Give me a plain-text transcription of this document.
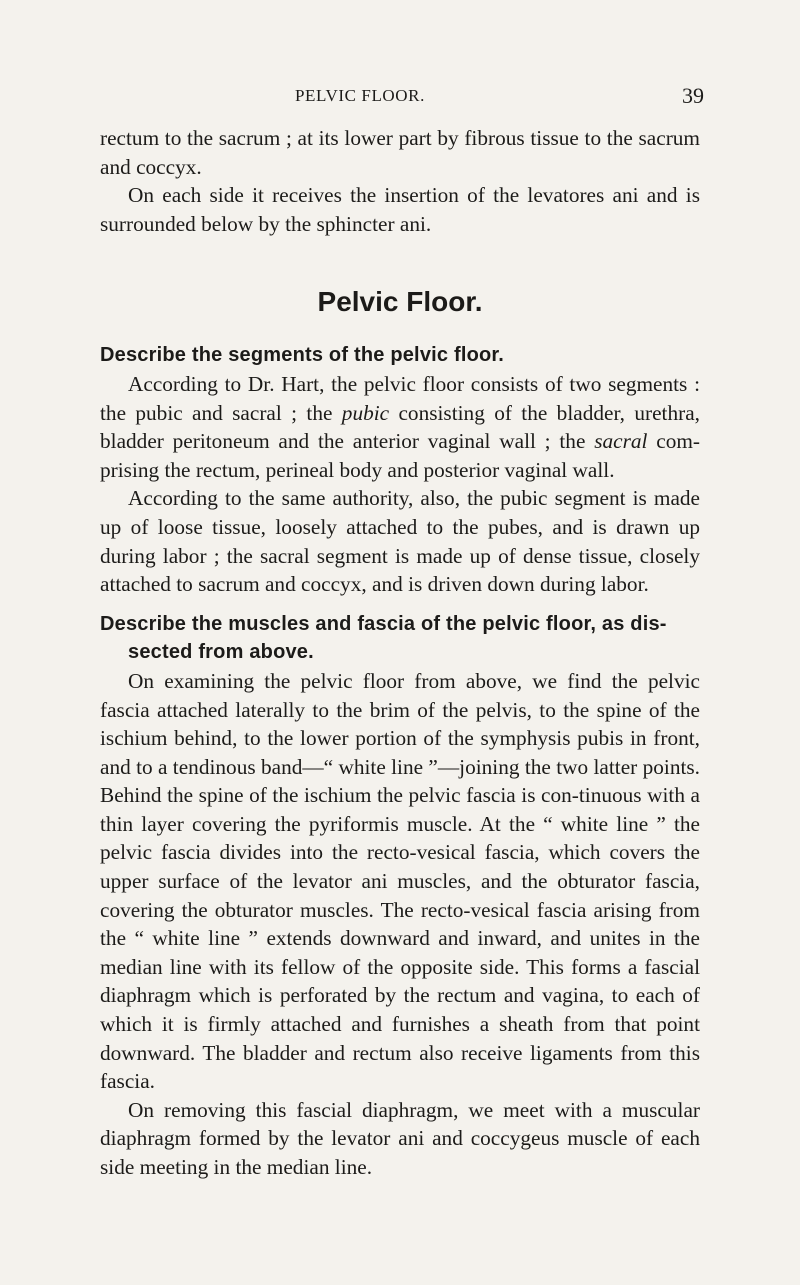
PELVIC FLOOR.	39

rectum to the sacrum ; at its lower part by fibrous tissue to the sacrum and coccyx.

On each side it receives the insertion of the levatores ani and is surrounded below by the sphincter ani.

Pelvic Floor.
Describe the segments of the pelvic floor.

According to Dr. Hart, the pelvic floor consists of two segments : the pubic and sacral ; the pubic consisting of the bladder, urethra, bladder peritoneum and the anterior vaginal wall ; the sacral com-prising the rectum, perineal body and posterior vaginal wall.

According to the same authority, also, the pubic segment is made up of loose tissue, loosely attached to the pubes, and is drawn up during labor ; the sacral segment is made up of dense tissue, closely attached to sacrum and coccyx, and is driven down during labor.

Describe the muscles and fascia of the pelvic floor, as dis-sected from above.

On examining the pelvic floor from above, we find the pelvic fascia attached laterally to the brim of the pelvis, to the spine of the ischium behind, to the lower portion of the symphysis pubis in front, and to a tendinous band—“ white line ”—joining the two latter points. Behind the spine of the ischium the pelvic fascia is con-tinuous with a thin layer covering the pyriformis muscle. At the “ white line ” the pelvic fascia divides into the recto-vesical fascia, which covers the upper surface of the levator ani muscles, and the obturator fascia, covering the obturator muscles. The recto-vesical fascia arising from the “ white line ” extends downward and inward, and unites in the median line with its fellow of the opposite side. This forms a fascial diaphragm which is perforated by the rectum and vagina, to each of which it is firmly attached and furnishes a sheath from that point downward. The bladder and rectum also receive ligaments from this fascia.

On removing this fascial diaphragm, we meet with a muscular diaphragm formed by the levator ani and coccygeus muscle of each side meeting in the median line.
